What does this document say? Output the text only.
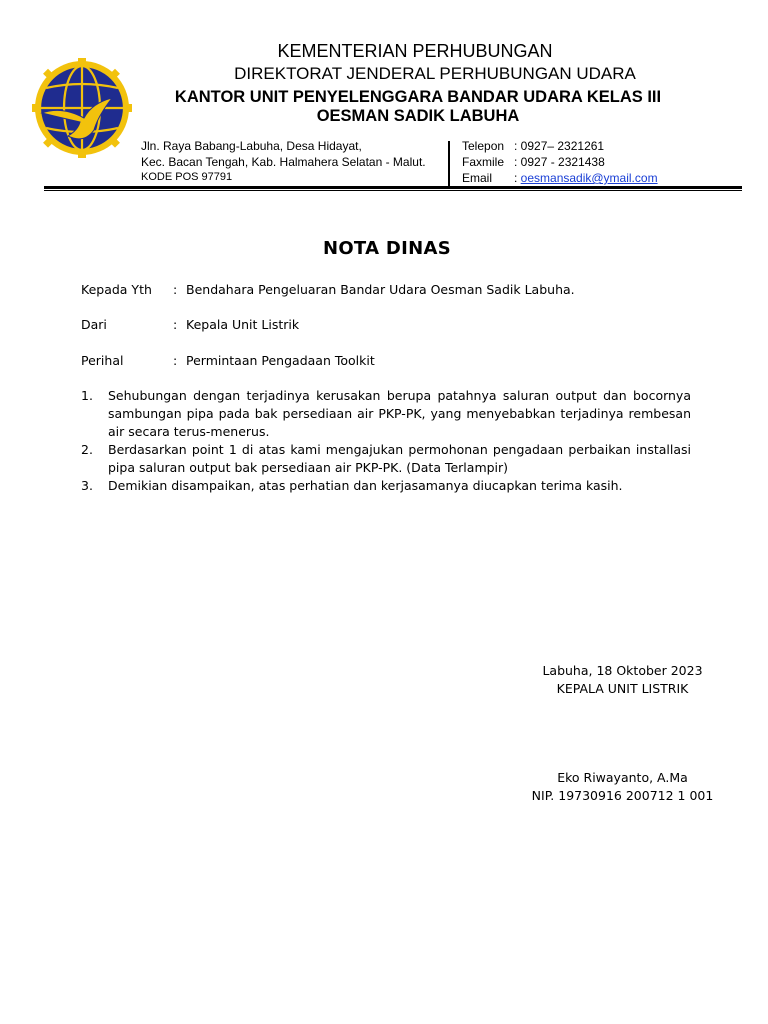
KEMENTERIAN PERHUBUNGAN
DIREKTORAT JENDERAL PERHUBUNGAN UDARA
KANTOR UNIT PENYELENGGARA BANDAR UDARA KELAS III
OESMAN SADIK LABUHA
Jln. Raya Babang-Labuha, Desa Hidayat,
Kec. Bacan Tengah, Kab. Halmahera Selatan - Malut.
KODE POS 97791
Telepon : 0927– 2321261
Faxmile : 0927 - 2321438
Email : oesmansadik@ymail.com
NOTA DINAS
Kepada Yth : Bendahara Pengeluaran Bandar Udara Oesman Sadik Labuha.
Dari	: Kepala Unit Listrik
Perihal	: Permintaan Pengadaan Toolkit
1. Sehubungan dengan terjadinya kerusakan berupa patahnya saluran output dan bocornya sambungan pipa pada bak persediaan air PKP-PK, yang menyebabkan terjadinya rembesan air secara terus-menerus.
2. Berdasarkan point 1 di atas kami mengajukan permohonan pengadaan perbaikan installasi pipa saluran output bak persediaan air PKP-PK. (Data Terlampir)
3. Demikian disampaikan, atas perhatian dan kerjasamanya diucapkan terima kasih.
Labuha, 18 Oktober 2023
KEPALA UNIT LISTRIK
Eko Riwayanto, A.Ma
NIP. 19730916 200712 1 001
